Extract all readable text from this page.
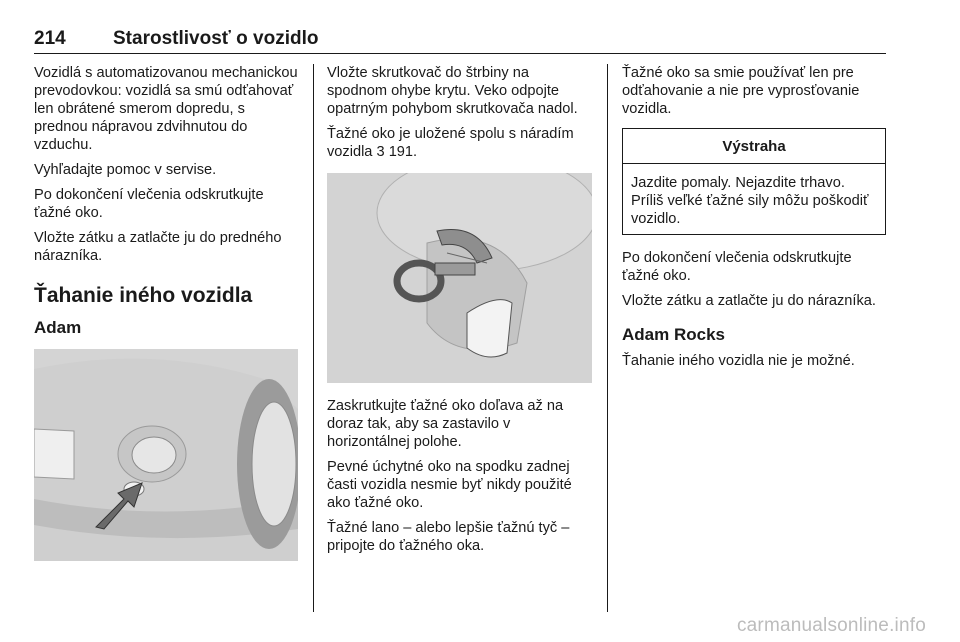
214 Starostlivosť o vozidlo

Vozidlá s automatizovanou mechanickou prevodovkou: vozidlá sa smú odťahovať len obrátené smerom dopredu, s prednou nápravou zdvihnutou do vzduchu.

Vyhľadajte pomoc v servise.

Po dokončení vlečenia odskrutkujte ťažné oko.

Vložte zátku a zatlačte ju do predného nárazníka.

Ťahanie iného vozidla
Adam

Vložte skrutkovač do štrbiny na spodnom ohybe krytu. Veko odpojte opatrným pohybom skrutkovača nadol.

Ťažné oko je uložené spolu s náradím vozidla 3 191.

Zaskrutkujte ťažné oko doľava až na doraz tak, aby sa zastavilo v horizontálnej polohe.

Pevné úchytné oko na spodku zadnej časti vozidla nesmie byť nikdy použité ako ťažné oko.

Ťažné lano – alebo lepšie ťažnú tyč – pripojte do ťažného oka.

Ťažné oko sa smie používať len pre odťahovanie a nie pre vyprosťovanie vozidla.

Výstraha
Jazdite pomaly. Nejazdite trhavo. Príliš veľké ťažné sily môžu poškodiť vozidlo.

Po dokončení vlečenia odskrutkujte ťažné oko.

Vložte zátku a zatlačte ju do nárazníka.

Adam Rocks

Ťahanie iného vozidla nie je možné.

carmanualsonline.info
